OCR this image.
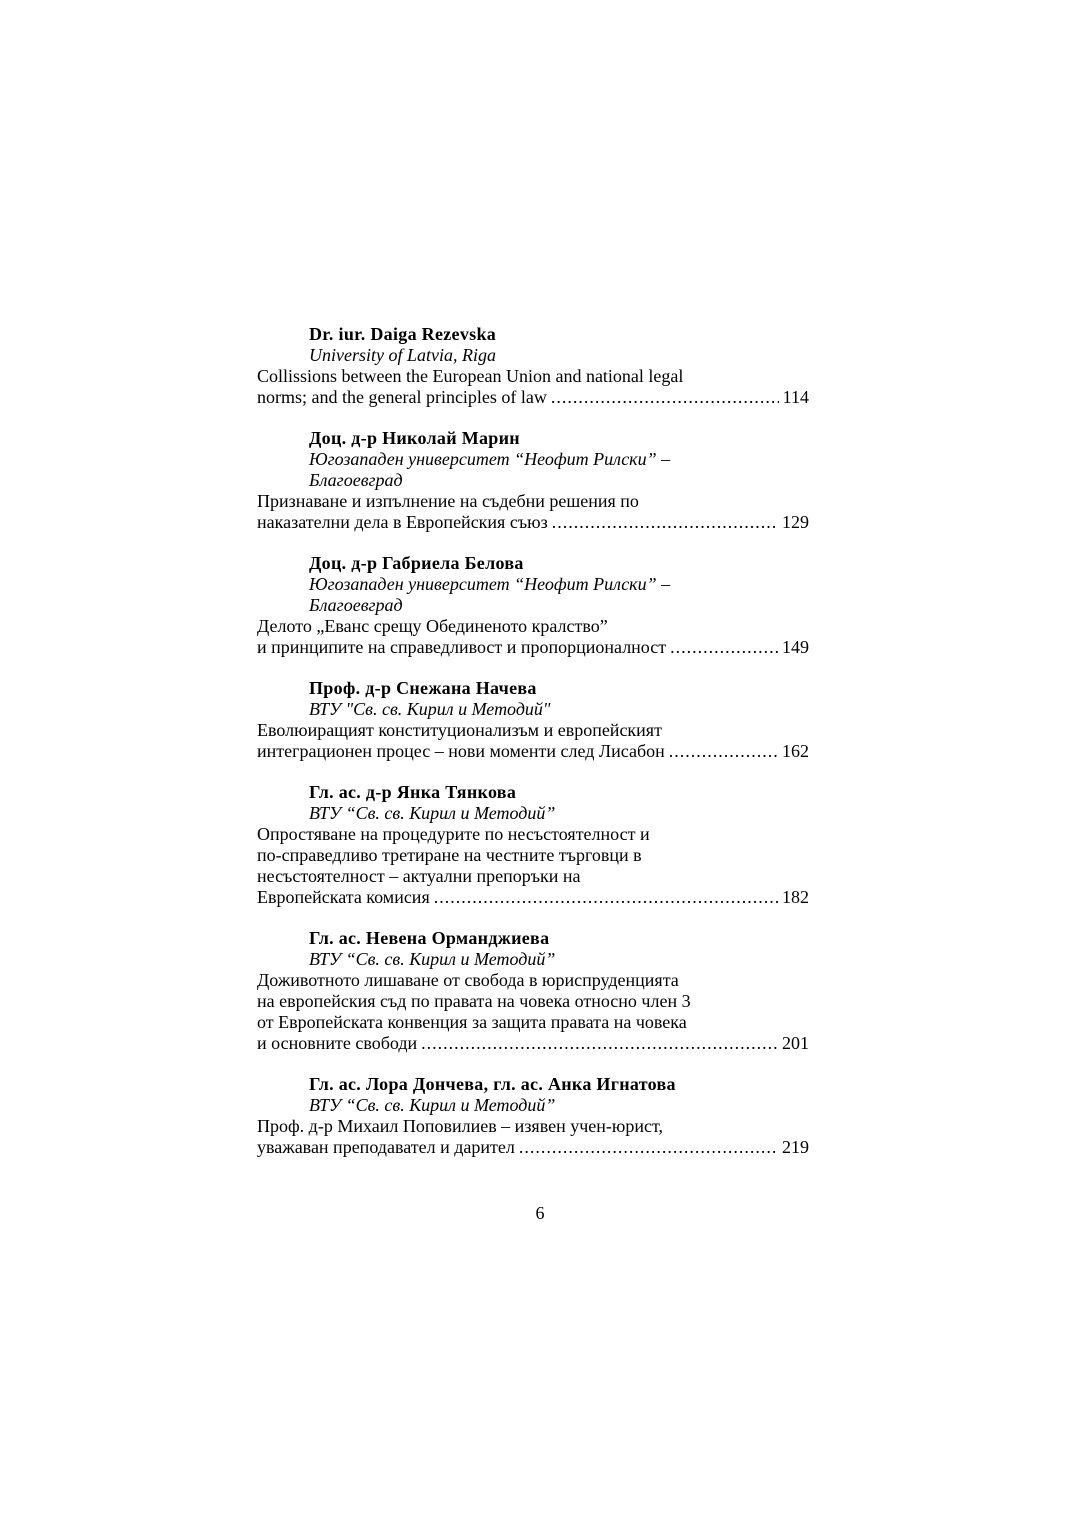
Dr. iur. Daiga Rezevska
University of Latvia, Riga
Collissions between the European Union and national legal
norms; and the general principles of law .....	114
Доц. д-р Николай Марин
Югозападен университет “Неофит Рилски” –
Благоевград
Признаване и изпълнение на съдебни решения по
наказателни дела в Европейския съюз .....	129
Доц. д-р Габриела Белова
Югозападен университет “Неофит Рилски” –
Благоевград
Делото „Еванс срещу Обединеното кралство”
и принципите на справедливост и пропорционалност .....	149
Проф. д-р Снежана Начева
ВТУ "Св. св. Кирил и Методий"
Еволюиращият конституционализъм и европейският
интеграционен процес – нови моменти след Лисабон .....	162
Гл. ас. д-р Янка Тянкова
ВТУ “Св. св. Кирил и Методий”
Опростяване на процедурите по несъстоятелност и
по-справедливо третиране на честните търговци в
несъстоятелност – актуални препоръки на
Европейската комисия .....	182
Гл. ас. Невена Орманджиева
ВТУ “Св. св. Кирил и Методий”
Доживотното лишаване от свобода в юриспруденцията
на европейския съд по правата на човека относно член 3
от Европейската конвенция за защита правата на човека
и основните свободи .....	201
Гл. ас. Лора Дончева, гл. ас. Анка Игнатова
ВТУ “Св. св. Кирил и Методий”
Проф. д-р Михаил Поповилиев – изявен учен-юрист,
уважаван преподавател и дарител .....	219
6
